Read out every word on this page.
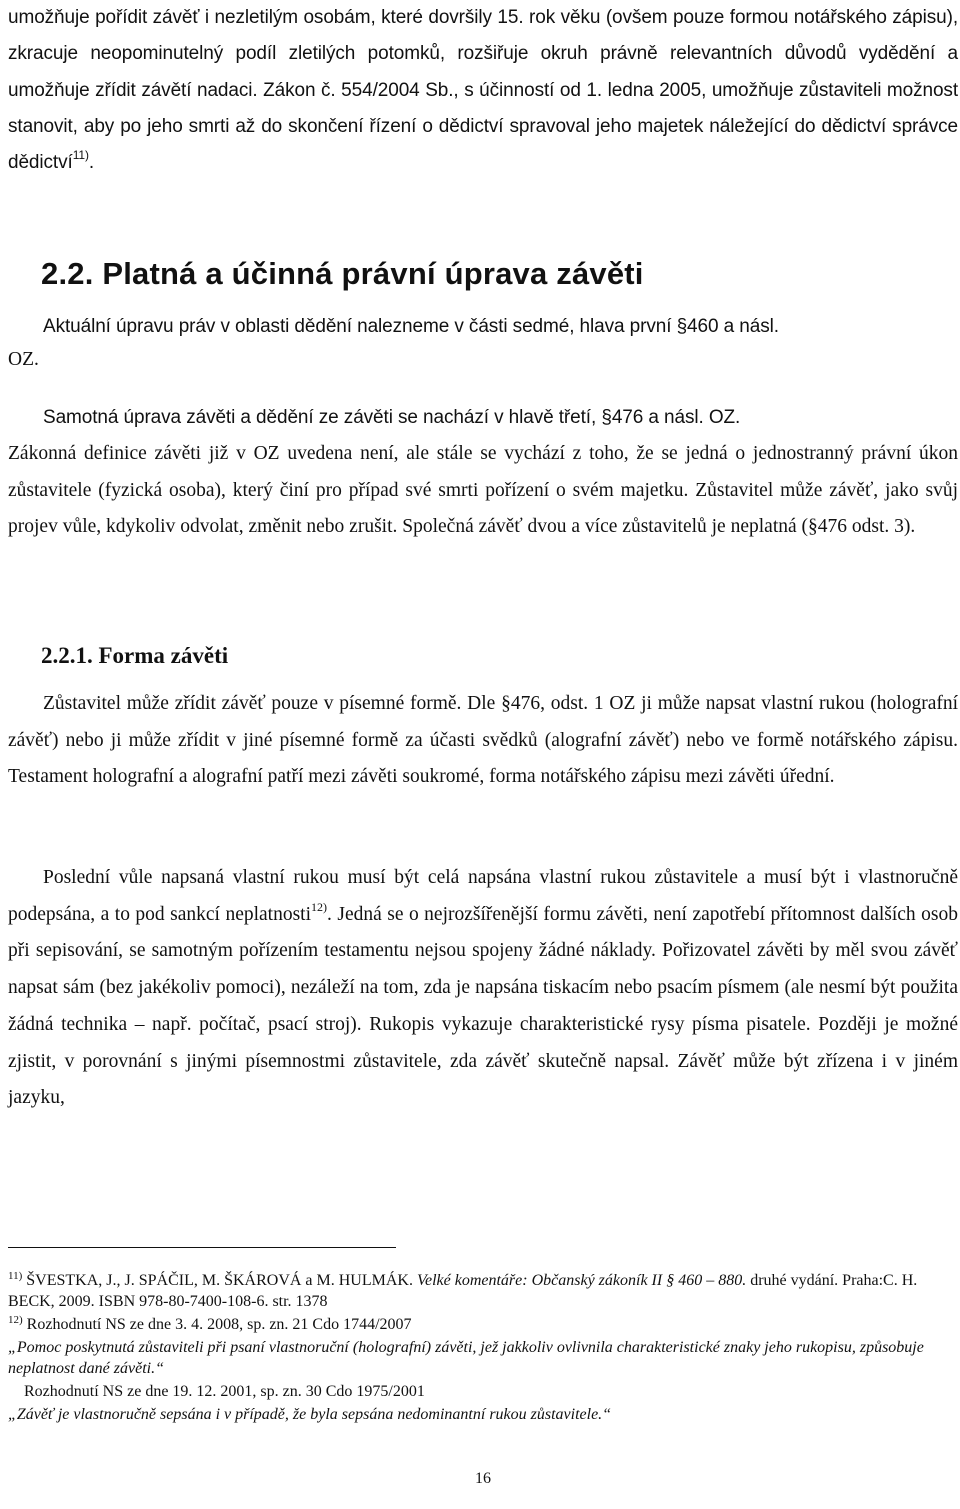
umožňuje pořídit závěť i nezletilým osobám, které dovršily 15. rok věku (ovšem pouze formou notářského zápisu), zkracuje neopominutelný podíl zletilých potomků, rozšiřuje okruh právně relevantních důvodů vydědění a umožňuje zřídit závětí nadaci. Zákon č. 554/2004 Sb., s účinností od 1. ledna 2005, umožňuje zůstaviteli možnost stanovit, aby po jeho smrti až do skončení řízení o dědictví spravoval jeho majetek náležející do dědictví správce dědictví$^{11)}$.

2.2. Platná a účinná právní úprava závěti

Aktuální úpravu práv v oblasti dědění nalezneme v části sedmé, hlava první §460 a násl.

OZ.

Samotná úprava závěti a dědění ze závěti se nachází v hlavě třetí, §476 a násl. OZ.

Zákonná definice závěti již v OZ uvedena není, ale stále se vychází z toho, že se jedná o jednostranný právní úkon zůstavitele (fyzická osoba), který činí pro případ své smrti pořízení o svém majetku. Zůstavitel může závěť, jako svůj projev vůle, kdykoliv odvolat, změnit nebo zrušit. Společná závěť dvou a více zůstavitelů je neplatná (§476 odst. 3).

2.2.1. Forma závěti

Zůstavitel může zřídit závěť pouze v písemné formě. Dle §476, odst. 1 OZ ji může napsat vlastní rukou (holografní závěť) nebo ji může zřídit v jiné písemné formě za účasti svědků (alografní závěť) nebo ve formě notářského zápisu. Testament holografní a alografní patří mezi závěti soukromé, forma notářského zápisu mezi závěti úřední.

Poslední vůle napsaná vlastní rukou musí být celá napsána vlastní rukou zůstavitele a musí být i vlastnoručně podepsána, a to pod sankcí neplatnosti$^{12)}$. Jedná se o nejrozšířenější formu závěti, není zapotřebí přítomnost dalších osob při sepisování, se samotným pořízením testamentu nejsou spojeny žádné náklady. Pořizovatel závěti by měl svou závěť napsat sám (bez jakékoliv pomoci), nezáleží na tom, zda je napsána tiskacím nebo psacím písmem (ale nesmí být použita žádná technika – např. počítač, psací stroj). Rukopis vykazuje charakteristické rysy písma pisatele. Později je možné zjistit, v porovnání s jinými písemnostmi zůstavitele, zda závěť skutečně napsal. Závěť může být zřízena i v jiném jazyku,

$^{11)}$ ŠVESTKA, J., J. SPÁČIL, M. ŠKÁROVÁ a M. HULMÁK. Velké komentáře: Občanský zákoník II § 460 – 880. druhé vydání. Praha:C. H. BECK, 2009. ISBN 978-80-7400-108-6. str. 1378

$^{12)}$ Rozhodnutí NS ze dne 3. 4. 2008, sp. zn. 21 Cdo 1744/2007

„Pomoc poskytnutá zůstaviteli při psaní vlastnoruční (holografní) závěti, jež jakkoliv ovlivnila charakteristické znaky jeho rukopisu, způsobuje neplatnost dané závěti.“

Rozhodnutí NS ze dne 19. 12. 2001, sp. zn. 30 Cdo 1975/2001

„Závěť je vlastnoručně sepsána i v případě, že byla sepsána nedominantní rukou zůstavitele.“

16
